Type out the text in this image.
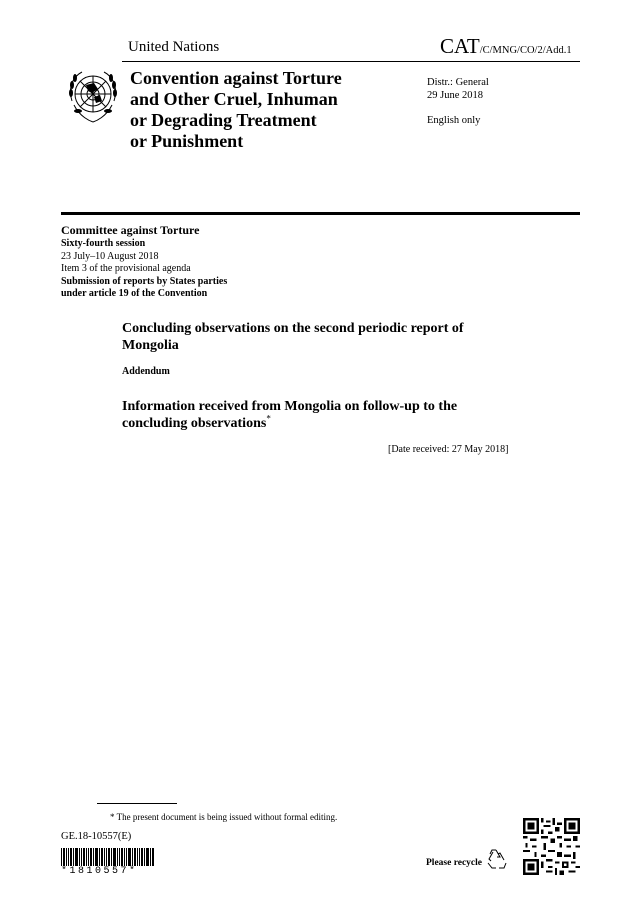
United Nations	CAT/C/MNG/CO/2/Add.1
Convention against Torture
and Other Cruel, Inhuman
or Degrading Treatment
or Punishment
Distr.: General
29 June 2018
English only
Committee against Torture
Sixty-fourth session
23 July–10 August 2018
Item 3 of the provisional agenda
Submission of reports by States parties
under article 19 of the Convention
Concluding observations on the second periodic report of
Mongolia
Addendum
Information received from Mongolia on follow-up to the
concluding observations*
[Date received: 27 May 2018]
* The present document is being issued without formal editing.
GE.18-10557(E)
*1810557*
Please recycle
